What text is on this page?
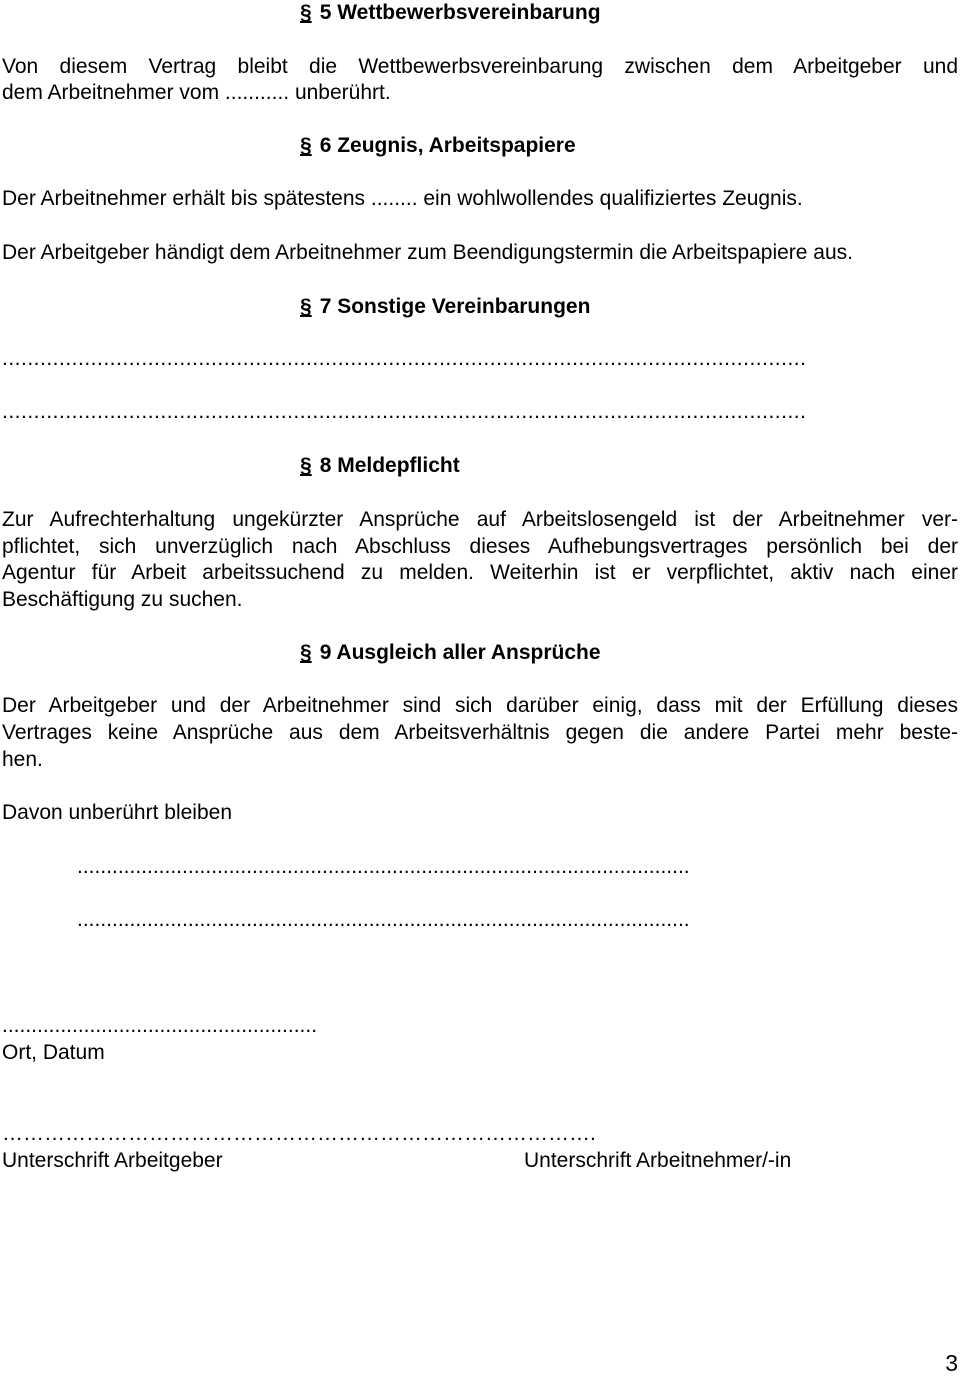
§ 5 Wettbewerbsvereinbarung
Von diesem Vertrag bleibt die Wettbewerbsvereinbarung zwischen dem Arbeitgeber und
dem Arbeitnehmer vom ........... unberührt.
§ 6 Zeugnis, Arbeitspapiere
Der Arbeitnehmer erhält bis spätestens ........ ein wohlwollendes qualifiziertes Zeugnis.
Der Arbeitgeber händigt dem Arbeitnehmer zum Beendigungstermin die Arbeitspapiere aus.
§ 7 Sonstige Vereinbarungen
...............................................................................................................................
...............................................................................................................................
§ 8 Meldepflicht
Zur Aufrechterhaltung ungekürzter Ansprüche auf Arbeitslosengeld ist der Arbeitnehmer ver-
pflichtet, sich unverzüglich nach Abschluss dieses Aufhebungsvertrages persönlich bei der
Agentur für Arbeit arbeitssuchend zu melden. Weiterhin ist er verpflichtet, aktiv nach einer
Beschäftigung zu suchen.
§ 9 Ausgleich aller Ansprüche
Der Arbeitgeber und der Arbeitnehmer sind sich darüber einig, dass mit der Erfüllung dieses
Vertrages keine Ansprüche aus dem Arbeitsverhältnis gegen die andere Partei mehr beste-
hen.
Davon unberührt bleiben
.........................................................................................................
.........................................................................................................
......................................................
Ort, Datum
………………………………………………………………………….
Unterschrift Arbeitgeber	Unterschrift Arbeitnehmer/-in
3
